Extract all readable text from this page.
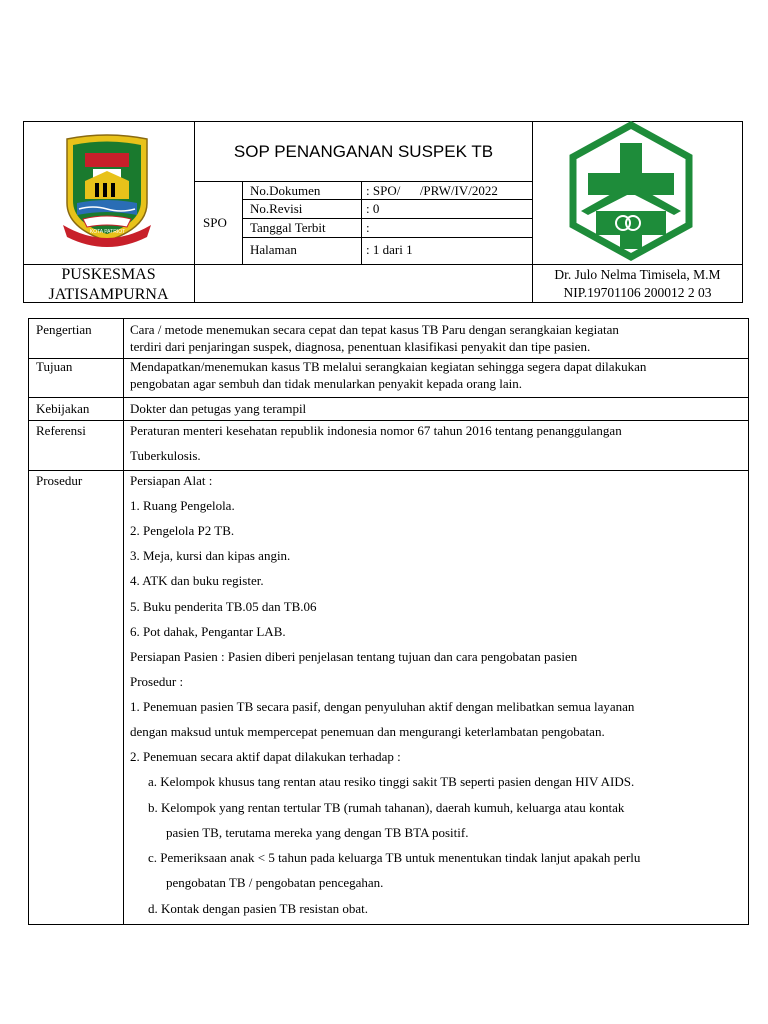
KOTA PATRIOT
SOP PENANGANAN SUSPEK TB
SPO
No.Dokumen	: SPO/      /PRW/IV/2022
No.Revisi	: 0
Tanggal Terbit	:
Halaman	: 1 dari 1
PUSKESMAS
JATISAMPURNA
Dr. Julo Nelma Timisela, M.M
NIP.19701106 200012 2 03
Pengertian	Cara / metode menemukan secara cepat dan tepat kasus TB Paru dengan serangkaian kegiatan
terdiri dari penjaringan suspek, diagnosa, penentuan klasifikasi penyakit dan tipe pasien.
Tujuan	Mendapatkan/menemukan kasus TB melalui serangkaian kegiatan sehingga segera dapat dilakukan
pengobatan agar sembuh dan tidak menularkan penyakit kepada orang lain.
Kebijakan	Dokter dan petugas yang terampil
Referensi	Peraturan menteri kesehatan republik indonesia nomor 67 tahun 2016 tentang penanggulangan
Tuberkulosis.
Prosedur	Persiapan Alat :
1. Ruang Pengelola.
2. Pengelola P2 TB.
3. Meja, kursi dan kipas angin.
4. ATK dan buku register.
5. Buku penderita TB.05 dan TB.06
6. Pot dahak, Pengantar LAB.
Persiapan Pasien : Pasien diberi penjelasan tentang tujuan dan cara pengobatan pasien
Prosedur :
1. Penemuan pasien TB secara pasif, dengan penyuluhan aktif dengan melibatkan semua layanan
dengan maksud untuk mempercepat penemuan dan mengurangi keterlambatan pengobatan.
2. Penemuan secara aktif dapat dilakukan terhadap :
a. Kelompok khusus tang rentan atau resiko tinggi sakit TB seperti pasien dengan HIV AIDS.
b. Kelompok yang rentan tertular TB (rumah tahanan), daerah kumuh, keluarga atau kontak
pasien TB, terutama mereka yang dengan TB BTA positif.
c. Pemeriksaan anak < 5 tahun pada keluarga TB untuk menentukan tindak lanjut apakah perlu
pengobatan TB / pengobatan pencegahan.
d. Kontak dengan pasien TB resistan obat.
